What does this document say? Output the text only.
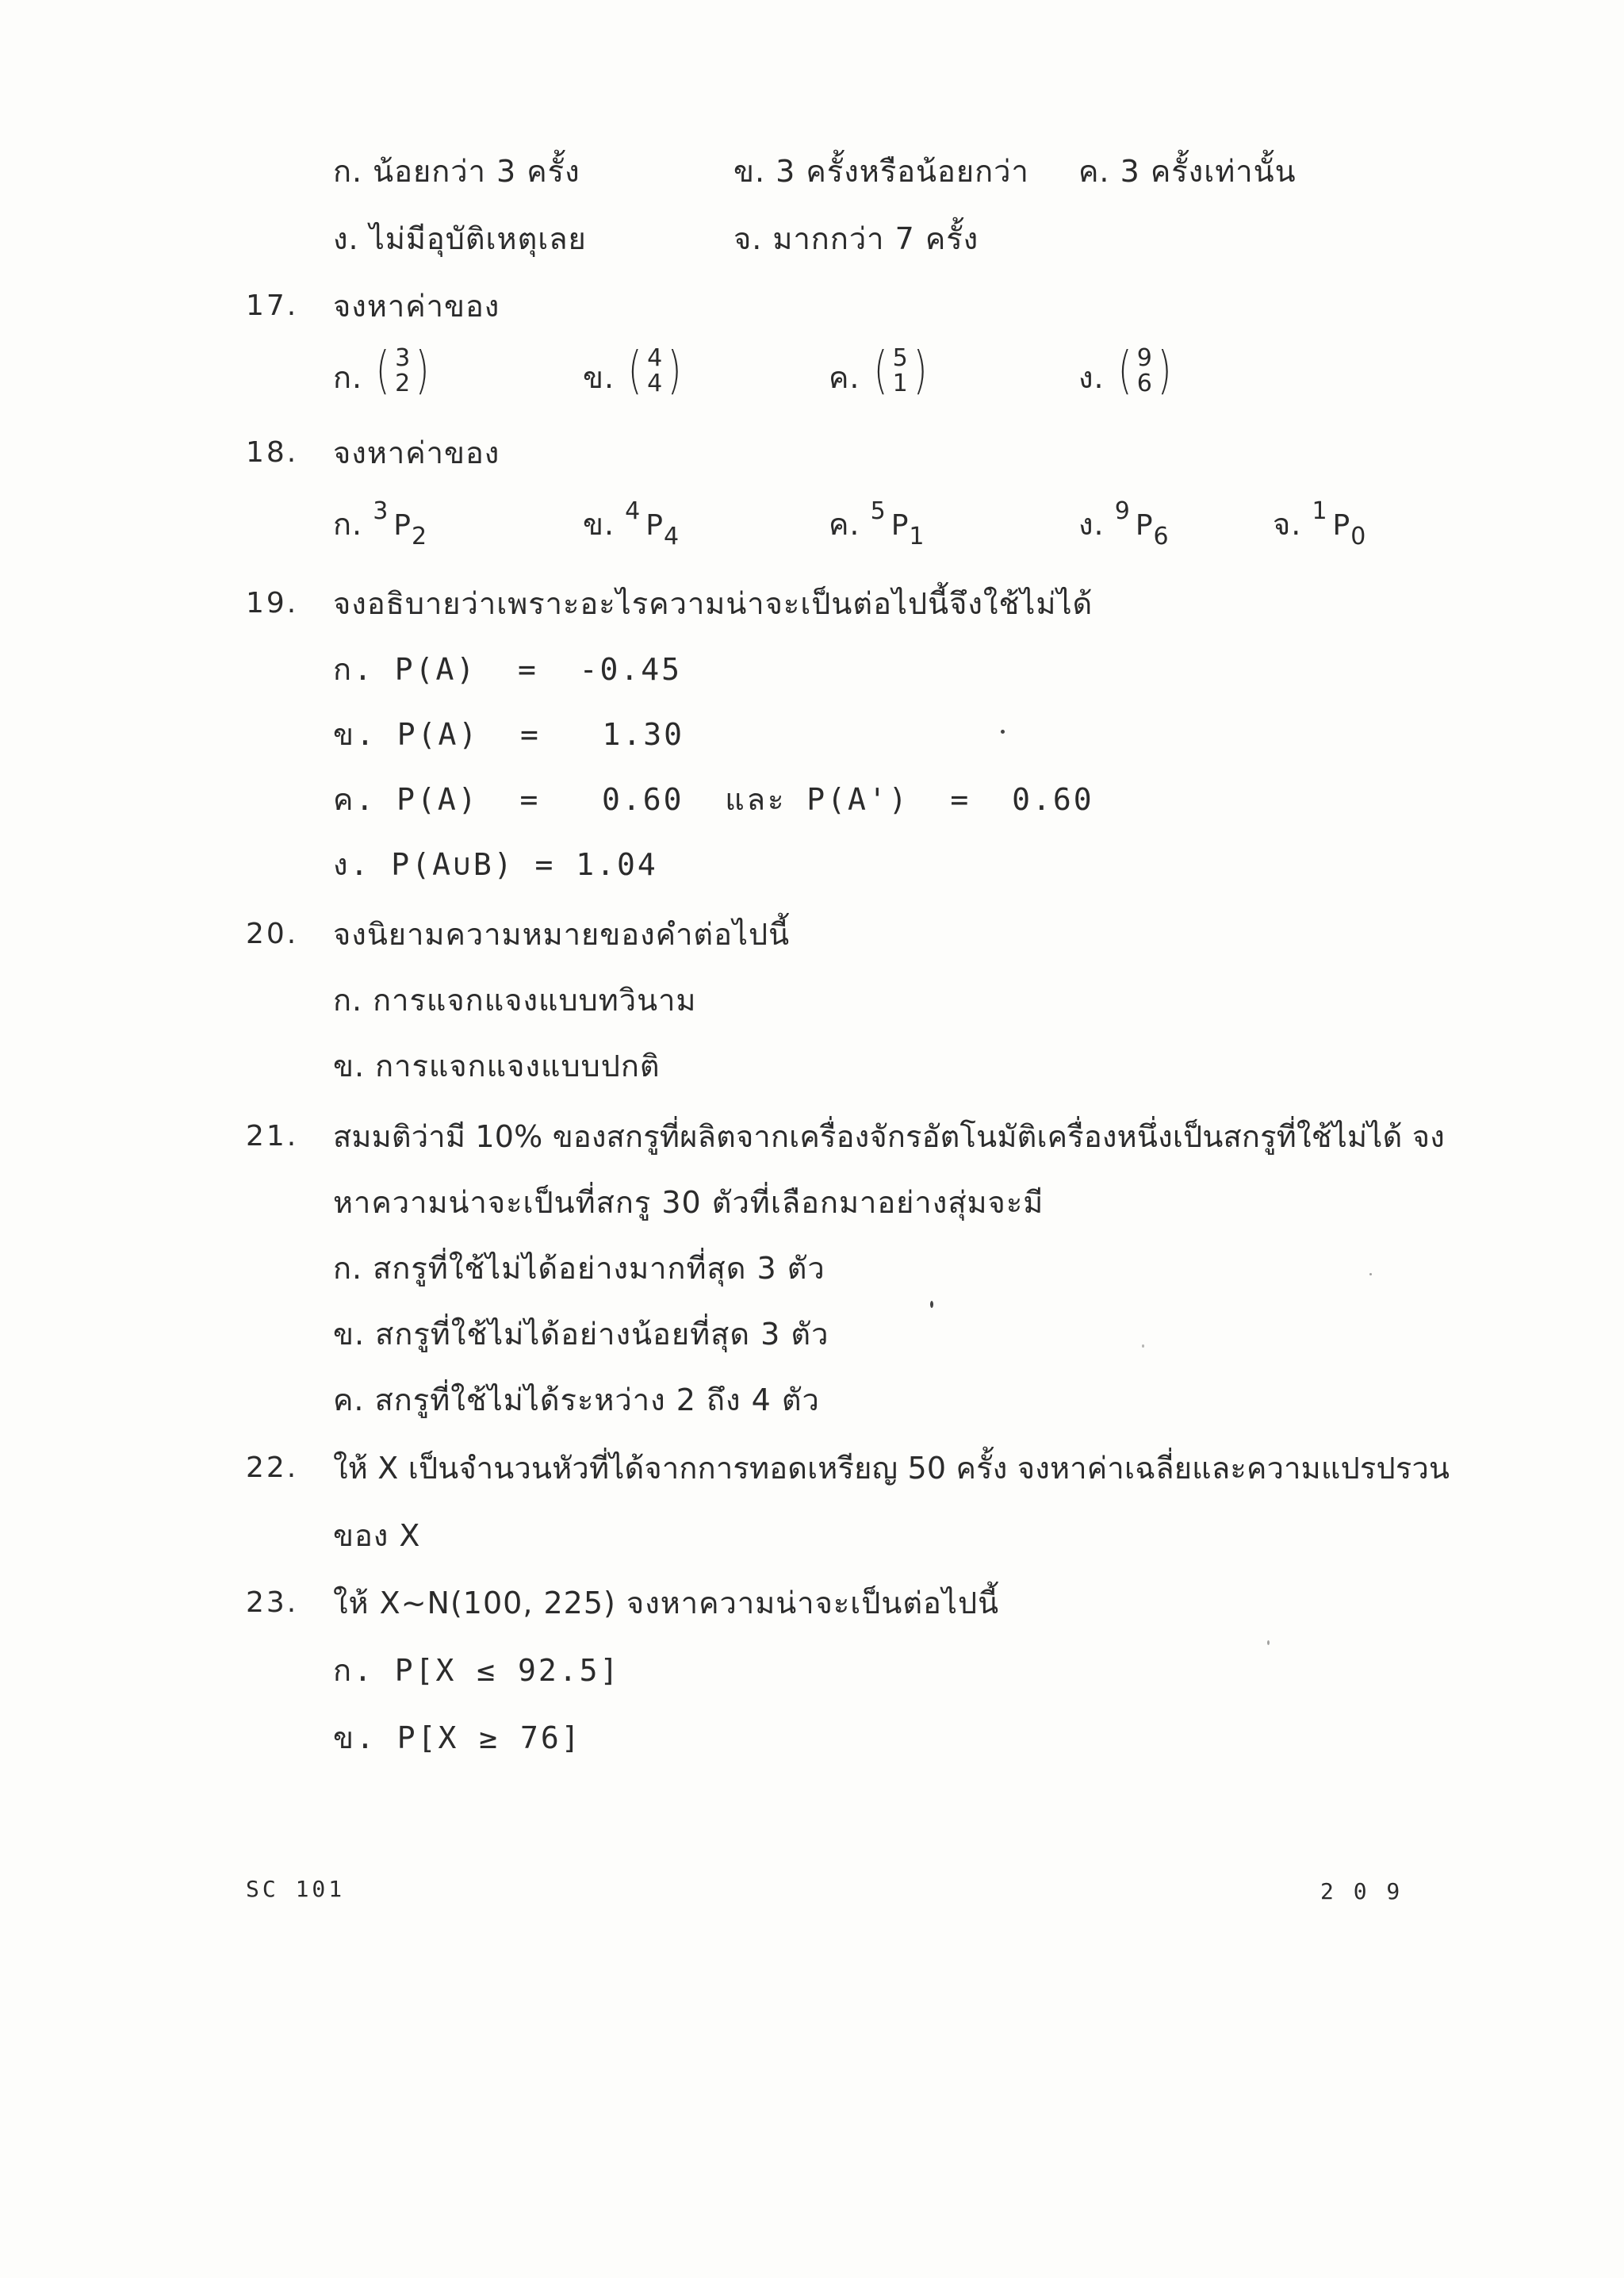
ก. น้อยกว่า 3 ครั้ง	ข. 3 ครั้งหรือน้อยกว่า ค. 3 ครั้งเท่านั้น
ง. ไม่มีอุบัติเหตุเลย	จ. มากกว่า 7 ครั้ง
17. จงหาค่าของ
ก. ( 3
2 )	ข. ( 4
4 )	ค. ( 5
1 )	ง. ( 9
6 )
18. จงหาค่าของ
ก. $^3$ $P_2$	ข. $^4$ $P_4$	ค. $^5$ $P_1$	ง. $^9$ $P_6$	จ. $^1$ $P_0$
19. จงอธิบายว่าเพราะอะไรความน่าจะเป็นต่อไปนี้จึงใช้ไม่ได้
ก. P(A)  =  -0.45
ข. P(A)  =   1.30
ค. P(A)  =   0.60  และ P(A')  =  0.60
ง. P(A∪B) = 1.04
20. จงนิยามความหมายของคำต่อไปนี้
ก. การแจกแจงแบบทวินาม
ข. การแจกแจงแบบปกติ
21. สมมติว่ามี 10% ของสกรูที่ผลิตจากเครื่องจักรอัตโนมัติเครื่องหนึ่งเป็นสกรูที่ใช้ไม่ได้ จง
หาความน่าจะเป็นที่สกรู 30 ตัวที่เลือกมาอย่างสุ่มจะมี
ก. สกรูที่ใช้ไม่ได้อย่างมากที่สุด 3 ตัว
ข. สกรูที่ใช้ไม่ได้อย่างน้อยที่สุด 3 ตัว
ค. สกรูที่ใช้ไม่ได้ระหว่าง 2 ถึง 4 ตัว
22. ให้ X เป็นจำนวนหัวที่ได้จากการทอดเหรียญ 50 ครั้ง จงหาค่าเฉลี่ยและความแปรปรวน
ของ X
23. ให้ X~N(100, 225) จงหาความน่าจะเป็นต่อไปนี้
ก. P[X ≤ 92.5]
ข. P[X ≥ 76]
SC 101	2 0 9
